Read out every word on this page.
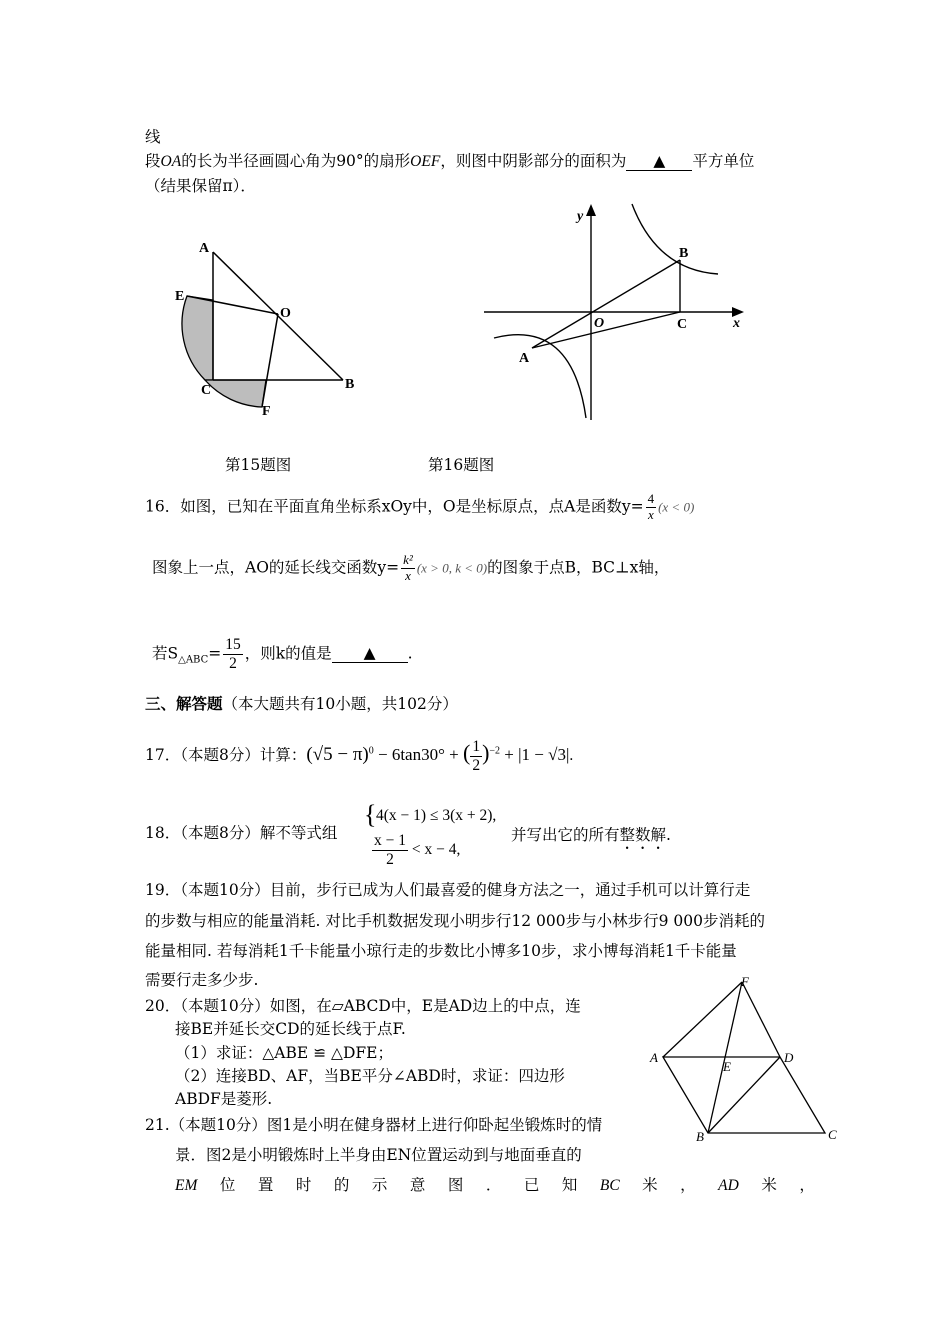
线
段OA的长为半径画圆心角为90°的扇形OEF，则图中阴影部分的面积为 ▲ 平方单位
（结果保留π）．
A
E
O
C	B
F
y
x
O
A
B
C
第15题图	第16题图
16．如图，已知在平面直角坐标系xOy中，O是坐标原点，点A是函数$y= \frac{4}{x} (x < 0)$
图象上一点，AO的延长线交函数$y= \frac{\text{k²}}{x} (x > 0$, k < 0)的图象于点B，BC⊥x轴，
若$S_{\triangle ABC}= \frac{15}{2}$ ，则k的值是 ▲ .
三、解答题（本大题共有10小题，共102分）
17．（本题8分）计算：$(√5 - \pi)^0 - 6\tan 30^\circ$ + ( $\frac{1}{2} )^{-2} + |1 - √3|$.
18．（本题8分）解不等式组
{ 4(x − 1) ≤ 3(x + 2),
$\frac{x - 1}{2} < x - 4$,
并写出它的所有整数解.
19．（本题10分）目前，步行已成为人们最喜爱的健身方法之一，通过手机可以计算行走
的步数与相应的能量消耗. 对比手机数据发现小明步行12 000步与小林步行9 000步消耗的
能量相同. 若每消耗1千卡能量小琼行走的步数比小博多10步，求小博每消耗1千卡能量
需要行走多少步.
20．（本题10分）如图，在▱ABCD中，E是AD边上的中点，连
接BE并延长交CD的延长线于点F.
（1）求证：△ABE ≌ △DFE；
（2）连接BD、AF，当BE平分∠ABD时，求证：四边形
ABDF是菱形.
F
A	D
E
B	C
21.（本题10分）图1是小明在健身器材上进行仰卧起坐锻炼时的情
景．图2是小明锻炼时上半身由EN位置运动到与地面垂直的
EM 位 置 时 的 示 意 图 ． 已 知 BC 米 ， AD 米 ，
